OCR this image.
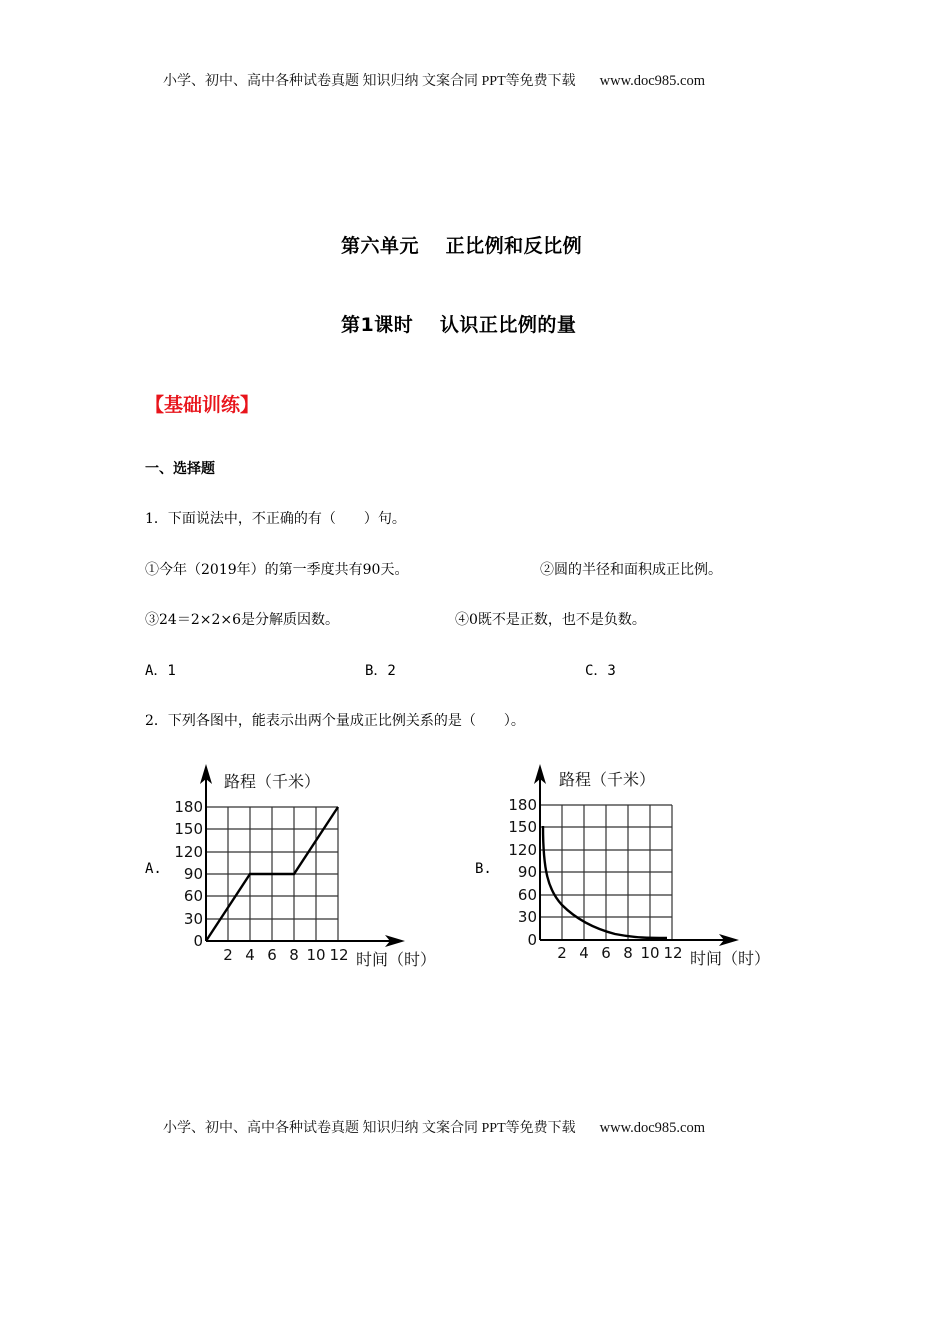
小学、初中、高中各种试卷真题 知识归纳 文案合同 PPT等免费下载 www.doc985.com
第六单元　 正比例和反比例
第1课时　 认识正比例的量
【基础训练】
一、选择题
1．下面说法中，不正确的有（　　）句。
①今年（2019年）的第一季度共有90天。	②圆的半径和面积成正比例。
③24＝2×2×6是分解质因数。	④0既不是正数，也不是负数。
A．1	B．2	C．3
2．下列各图中，能表示出两个量成正比例关系的是（　　）。
A.	B.
0
30
60
90
120
150
180
2 4 6 8 10 12
路程（千米）
时间（时）
0
30
60
90
120
150
180
2 4 6 8 10 12
路程（千米）
时间（时）
小学、初中、高中各种试卷真题 知识归纳 文案合同 PPT等免费下载 www.doc985.com
